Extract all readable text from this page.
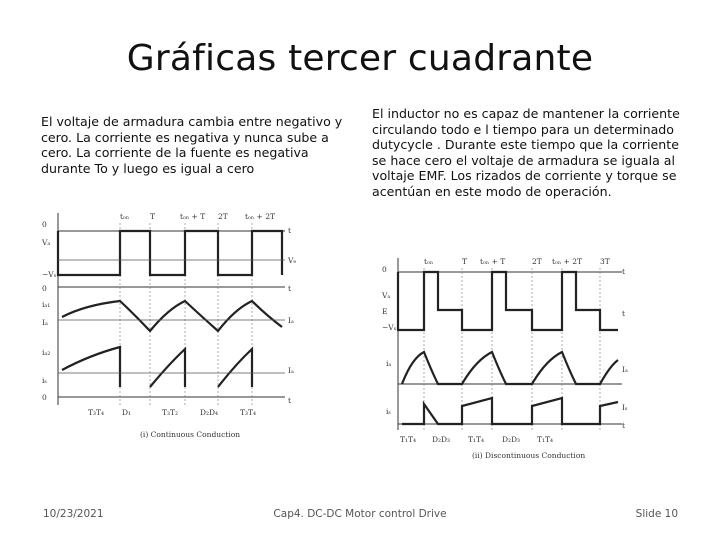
Gráficas tercer cuadrante
El voltaje de armadura cambia entre negativo y cero. La corriente es negativa y nunca sube a cero. La corriente de la fuente es negativa durante To y luego es igual a cero
El inductor no es capaz de mantener la corriente circulando todo e l tiempo para un determinado dutycycle . Durante este tiempo que la corriente se hace cero el voltaje de armadura se iguala al voltaje EMF. Los rizados de corriente y torque se acentúan en este modo de operación.
tₒₙ	T	tₒₙ + T 2T tₒₙ + 2T
0
Vₐ
−Vₛ
0
iₐ₁
Iₐ
iₐ₂
iₛ
0
t
Vₑ
t
Iₐ
Iₐ
t
T₃T₄ D₁	T₃T₂	D₂D₄	T₃T₄
(i) Continuous Conduction
tₒₙ	T tₒₙ + T	2T tₒₙ + 2T 3T
0
Vₐ
E
−Vₛ
iₐ
iₛ
t
t
Iₐ
Iₛ
t
T₁T₄ D₂D₃ T₁T₄ D₂D₃ T₁T₄
(ii) Discontinuous Conduction
10/23/2021	Cap4. DC-DC Motor control Drive	Slide 10
